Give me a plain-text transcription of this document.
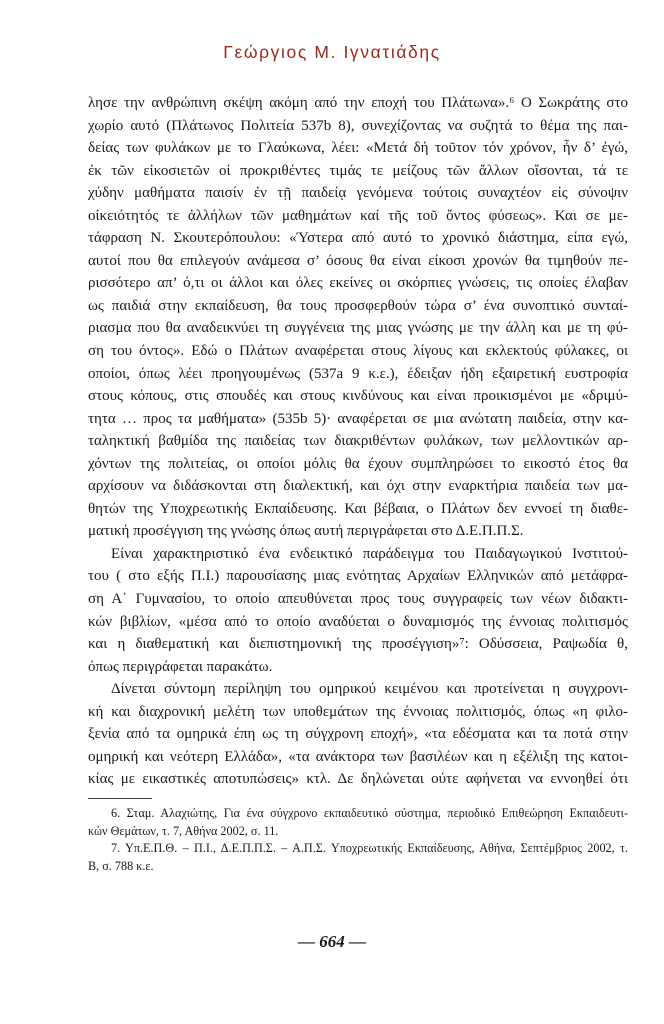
Γεώργιος Μ. Ιγνατιάδης
λησε την ανθρώπινη σκέψη ακόμη από την εποχή του Πλάτωνα».⁶ Ο Σωκράτης στο
χωρίο αυτό (Πλάτωνος Πολιτεία 537b 8), συνεχίζοντας να συζητά το θέμα της παι-
δείας των φυλάκων με το Γλαύκωνα, λέει: «Μετά δή τοῦτον τόν χρόνον, ἦν δ’ ἐγώ,
ἐκ τῶν εἰκοσιετῶν οἱ προκριθέντες τιμάς τε μείζους τῶν ἄλλων οἴσονται, τά τε
χύδην μαθήματα παισίν ἐν τῇ παιδείᾳ γενόμενα τούτοις συναχτέον εἰς σύνοψιν
οἰκειότητός τε ἀλλήλων τῶν μαθημάτων καί τῆς τοῦ ὄντος φύσεως». Και σε με-
τάφραση Ν. Σκουτερόπουλου: «Ύστερα από αυτό το χρονικό διάστημα, είπα εγώ,
αυτοί που θα επιλεγούν ανάμεσα σ’ όσους θα είναι είκοσι χρονών θα τιμηθούν πε-
ρισσότερο απ’ ό,τι οι άλλοι και όλες εκείνες οι σκόρπιες γνώσεις, τις οποίες έλαβαν
ως παιδιά στην εκπαίδευση, θα τους προσφερθούν τώρα σ’ ένα συνοπτικό συνταί-
ριασμα που θα αναδεικνύει τη συγγένεια της μιας γνώσης με την άλλη και με τη φύ-
ση του όντος». Εδώ ο Πλάτων αναφέρεται στους λίγους και εκλεκτούς φύλακες, οι
οποίοι, όπως λέει προηγουμένως (537a 9 κ.ε.), έδειξαν ήδη εξαιρετική ευστροφία
στους κόπους, στις σπουδές και στους κινδύνους και είναι προικισμένοι με «δριμύ-
τητα … προς τα μαθήματα» (535b 5)· αναφέρεται σε μια ανώτατη παιδεία, στην κα-
ταληκτική βαθμίδα της παιδείας των διακριθέντων φυλάκων, των μελλοντικών αρ-
χόντων της πολιτείας, οι οποίοι μόλις θα έχουν συμπληρώσει το εικοστό έτος θα
αρχίσουν να διδάσκονται στη διαλεκτική, και όχι στην εναρκτήρια παιδεία των μα-
θητών της Υποχρεωτικής Εκπαίδευσης. Και βέβαια, ο Πλάτων δεν εννοεί τη διαθε-
ματική προσέγγιση της γνώσης όπως αυτή περιγράφεται στο Δ.Ε.Π.Π.Σ.
Είναι χαρακτηριστικό ένα ενδεικτικό παράδειγμα του Παιδαγωγικού Ινστιτού-
του ( στο εξής Π.Ι.) παρουσίασης μιας ενότητας Αρχαίων Ελληνικών από μετάφρα-
ση Α΄ Γυμνασίου, το οποίο απευθύνεται προς τους συγγραφείς των νέων διδακτι-
κών βιβλίων, «μέσα από το οποίο αναδύεται ο δυναμισμός της έννοιας πολιτισμός
και η διαθεματική και διεπιστημονική της προσέγγιση»⁷: Οδύσσεια, Ραψωδία θ,
όπως περιγράφεται παρακάτω.
Δίνεται σύντομη περίληψη του ομηρικού κειμένου και προτείνεται η συγχρονι-
κή και διαχρονική μελέτη των υποθεμάτων της έννοιας πολιτισμός, όπως «η φιλο-
ξενία από τα ομηρικά έπη ως τη σύγχρονη εποχή», «τα εδέσματα και τα ποτά στην
ομηρική και νεότερη Ελλάδα», «τα ανάκτορα των βασιλέων και η εξέλιξη της κατοι-
κίας με εικαστικές αποτυπώσεις» κτλ. Δε δηλώνεται ούτε αφήνεται να εννοηθεί ότι
6. Σταμ. Αλαχιώτης, Για ένα σύγχρονο εκπαιδευτικό σύστημα, περιοδικό Επιθεώρηση Εκπαιδευτι-
κών Θεμάτων, τ. 7, Αθήνα 2002, σ. 11.
7. Υπ.Ε.Π.Θ. – Π.Ι., Δ.Ε.Π.Π.Σ. – Α.Π.Σ. Υποχρεωτικής Εκπαίδευσης, Αθήνα, Σεπτέμβριος 2002, τ.
Β, σ. 788 κ.ε.
— 664 —
